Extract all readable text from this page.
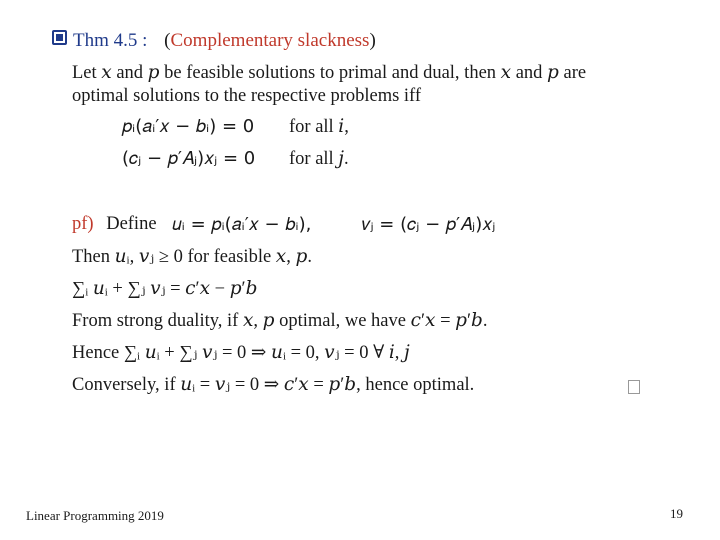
Thm 4.5 : (Complementary slackness)
Let 𝑥 and 𝑝 be feasible solutions to primal and dual, then 𝑥 and 𝑝 are
optimal solutions to the respective problems iff
𝑝ᵢ(𝑎ᵢ′𝑥 − 𝑏ᵢ) = 0 for all 𝑖,
(𝑐ⱼ − 𝑝′𝐴ⱼ)𝑥ⱼ = 0 for all 𝑗.
pf) Define 𝑢ᵢ = 𝑝ᵢ(𝑎ᵢ′𝑥 − 𝑏ᵢ),	𝑣ⱼ = (𝑐ⱼ − 𝑝′𝐴ⱼ)𝑥ⱼ
Then 𝑢ᵢ, 𝑣ⱼ ≥ 0 for feasible 𝑥, 𝑝.
∑ᵢ 𝑢ᵢ + ∑ⱼ 𝑣ⱼ = 𝑐′𝑥 − 𝑝′𝑏
From strong duality, if 𝑥, 𝑝 optimal, we have 𝑐′𝑥 = 𝑝′𝑏.
Hence ∑ᵢ 𝑢ᵢ + ∑ⱼ 𝑣ⱼ = 0 ⇒ 𝑢ᵢ = 0, 𝑣ⱼ = 0 ∀ 𝑖, 𝑗
Conversely, if 𝑢ᵢ = 𝑣ⱼ = 0 ⇒ 𝑐′𝑥 = 𝑝′𝑏, hence optimal.
Linear Programming 2019	19
